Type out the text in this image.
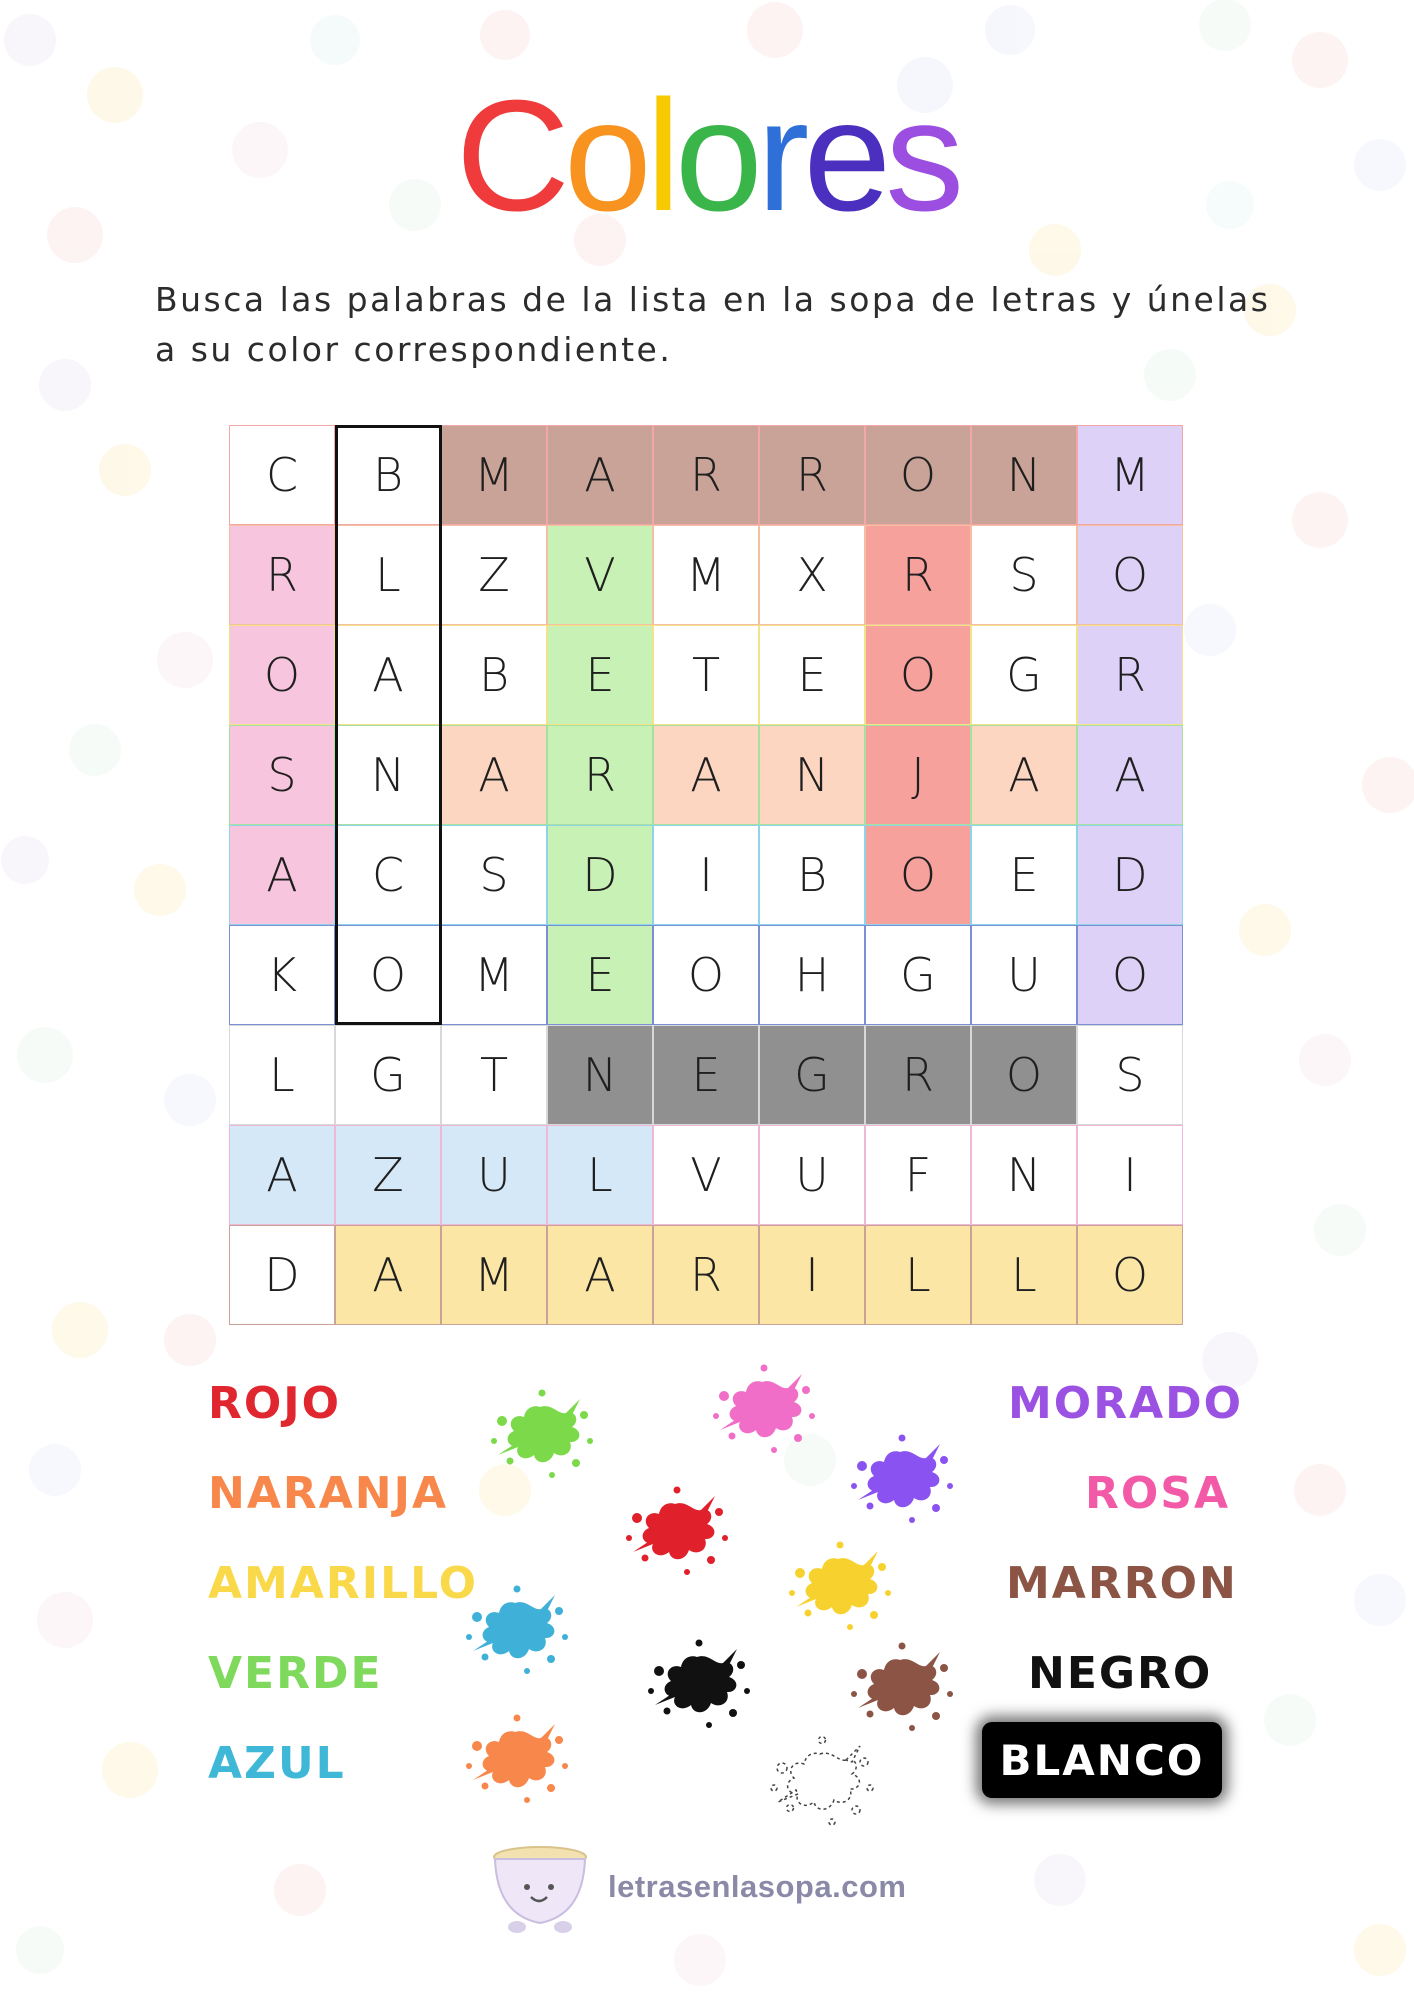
Colores
Busca las palabras de la lista en la sopa de letras y únelas
a su color correspondiente.
C	B	M	A	R	R	O	N	M
R	L	Z	V	M	X	R	S	O
O	A	B	E	T	E	O	G	R
S	N	A	R	A	N	J	A	A
A	C	S	D	I	B	O	E	D
K	O	M	E	O	H	G	U	O
L	G	T	N	E	G	R	O	S
A	Z	U	L	V	U	F	N	I
D	A	M	A	R	I	L	L	O
ROJO
NARANJA
AMARILLO
VERDE
AZUL
MORADO
ROSA
MARRON
NEGRO
BLANCO
letrasenlasopa.com
